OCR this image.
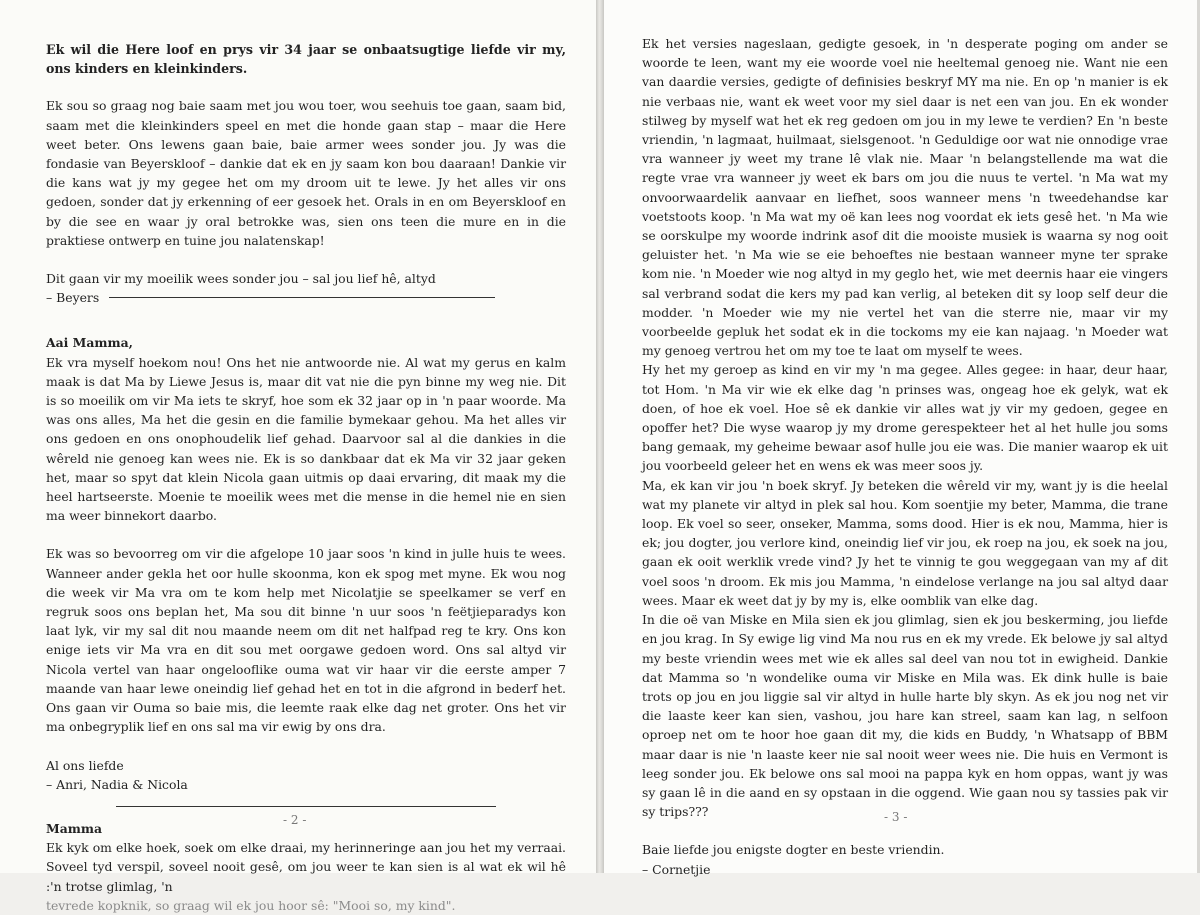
Ek wil die Here loof en prys vir 34 jaar se onbaatsugtige liefde vir my, ons kinders en kleinkinders.

Ek sou so graag nog baie saam met jou wou toer, wou seehuis toe gaan, saam bid, saam met die kleinkinders speel en met die honde gaan stap – maar die Here weet beter. Ons lewens gaan baie, baie armer wees sonder jou. Jy was die fondasie van Beyerskloof – dankie dat ek en jy saam kon bou daaraan! Dankie vir die kans wat jy my gegee het om my droom uit te lewe. Jy het alles vir ons gedoen, sonder dat jy erkenning of eer gesoek het. Orals in en om Beyerskloof en by die see en waar jy oral betrokke was, sien ons teen die mure en in die praktiese ontwerp en tuine jou nalatenskap!

Dit gaan vir my moeilik wees sonder jou – sal jou lief hê, altyd

– Beyers

Aai Mamma,

Ek vra myself hoekom nou! Ons het nie antwoorde nie. Al wat my gerus en kalm maak is dat Ma by Liewe Jesus is, maar dit vat nie die pyn binne my weg nie. Dit is so moeilik om vir Ma iets te skryf, hoe som ek 32 jaar op in 'n paar woorde. Ma was ons alles, Ma het die gesin en die familie bymekaar gehou. Ma het alles vir ons gedoen en ons onophoudelik lief gehad. Daarvoor sal al die dankies in die wêreld nie genoeg kan wees nie. Ek is so dankbaar dat ek Ma vir 32 jaar geken het, maar so spyt dat klein Nicola gaan uitmis op daai ervaring, dit maak my die heel hartseerste. Moenie te moeilik wees met die mense in die hemel nie en sien ma weer binnekort daarbo.

Ek was so bevoorreg om vir die afgelope 10 jaar soos 'n kind in julle huis te wees. Wanneer ander gekla het oor hulle skoonma, kon ek spog met myne. Ek wou nog die week vir Ma vra om te kom help met Nicolatjie se speelkamer se verf en regruk soos ons beplan het, Ma sou dit binne 'n uur soos 'n feëtjieparadys kon laat lyk, vir my sal dit nou maande neem om dit net halfpad reg te kry. Ons kon enige iets vir Ma vra en dit sou met oorgawe gedoen word. Ons sal altyd vir Nicola vertel van haar ongelooflike ouma wat vir haar vir die eerste amper 7 maande van haar lewe oneindig lief gehad het en tot in die afgrond in bederf het. Ons gaan vir Ouma so baie mis, die leemte raak elke dag net groter. Ons het vir ma onbegryplik lief en ons sal ma vir ewig by ons dra.

Al ons liefde

– Anri, Nadia & Nicola

Mamma

Ek kyk om elke hoek, soek om elke draai, my herinneringe aan jou het my verraai. Soveel tyd verspil, soveel nooit gesê, om jou weer te kan sien is al wat ek wil hê :'n trotse glimlag, 'n

tevrede kopknik, so graag wil ek jou hoor sê: "Mooi so, my kind".

- 2 -

Ek het versies nageslaan, gedigte gesoek, in 'n desperate poging om ander se woorde te leen, want my eie woorde voel nie heeltemal genoeg nie. Want nie een van daardie versies, gedigte of definisies beskryf MY ma nie. En op 'n manier is ek nie verbaas nie, want ek weet voor my siel daar is net een van jou. En ek wonder stilweg by myself wat het ek reg gedoen om jou in my lewe te verdien? En 'n beste vriendin, 'n lagmaat, huilmaat, sielsgenoot. 'n Geduldige oor wat nie onnodige vrae vra wanneer jy weet my trane lê vlak nie. Maar 'n belangstellende ma wat die regte vrae vra wanneer jy weet ek bars om jou die nuus te vertel. 'n Ma wat my onvoorwaardelik aanvaar en liefhet, soos wanneer mens 'n tweedehandse kar voetstoots koop. 'n Ma wat my oë kan lees nog voordat ek iets gesê het. 'n Ma wie se oorskulpe my woorde indrink asof dit die mooiste musiek is waarna sy nog ooit geluister het. 'n Ma wie se eie behoeftes nie bestaan wanneer myne ter sprake kom nie. 'n Moeder wie nog altyd in my geglo het, wie met deernis haar eie vingers sal verbrand sodat die kers my pad kan verlig, al beteken dit sy loop self deur die modder. 'n Moeder wie my nie vertel het van die sterre nie, maar vir my voorbeelde gepluk het sodat ek in die tockoms my eie kan najaag. 'n Moeder wat my genoeg vertrou het om my toe te laat om myself te wees.

Hy het my geroep as kind en vir my 'n ma gegee. Alles gegee: in haar, deur haar, tot Hom. 'n Ma vir wie ek elke dag 'n prinses was, ongeag hoe ek gelyk, wat ek doen, of hoe ek voel. Hoe sê ek dankie vir alles wat jy vir my gedoen, gegee en opoffer het? Die wyse waarop jy my drome gerespekteer het al het hulle jou soms bang gemaak, my geheime bewaar asof hulle jou eie was. Die manier waarop ek uit jou voorbeeld geleer het en wens ek was meer soos jy.

Ma, ek kan vir jou 'n boek skryf. Jy beteken die wêreld vir my, want jy is die heelal wat my planete vir altyd in plek sal hou. Kom soentjie my beter, Mamma, die trane loop. Ek voel so seer, onseker, Mamma, soms dood. Hier is ek nou, Mamma, hier is ek; jou dogter, jou verlore kind, oneindig lief vir jou, ek roep na jou, ek soek na jou, gaan ek ooit werklik vrede vind? Jy het te vinnig te gou weggegaan van my af dit voel soos 'n droom. Ek mis jou Mamma, 'n eindelose verlange na jou sal altyd daar wees. Maar ek weet dat jy by my is, elke oomblik van elke dag.

In die oë van Miske en Mila sien ek jou glimlag, sien ek jou beskerming, jou liefde en jou krag. In Sy ewige lig vind Ma nou rus en ek my vrede. Ek belowe jy sal altyd my beste vriendin wees met wie ek alles sal deel van nou tot in ewigheid. Dankie dat Mamma so 'n wondelike ouma vir Miske en Mila was. Ek dink hulle is baie trots op jou en jou liggie sal vir altyd in hulle harte bly skyn. As ek jou nog net vir die laaste keer kan sien, vashou, jou hare kan streel, saam kan lag, n selfoon oproep net om te hoor hoe gaan dit my, die kids en Buddy, 'n Whatsapp of BBM maar daar is nie 'n laaste keer nie sal nooit weer wees nie. Die huis en Vermont is leeg sonder jou. Ek belowe ons sal mooi na pappa kyk en hom oppas, want jy was sy gaan lê in die aand en sy opstaan in die oggend. Wie gaan nou sy tassies pak vir sy trips???

Baie liefde jou enigste dogter en beste vriendin.

– Cornetjie

- 3 -
